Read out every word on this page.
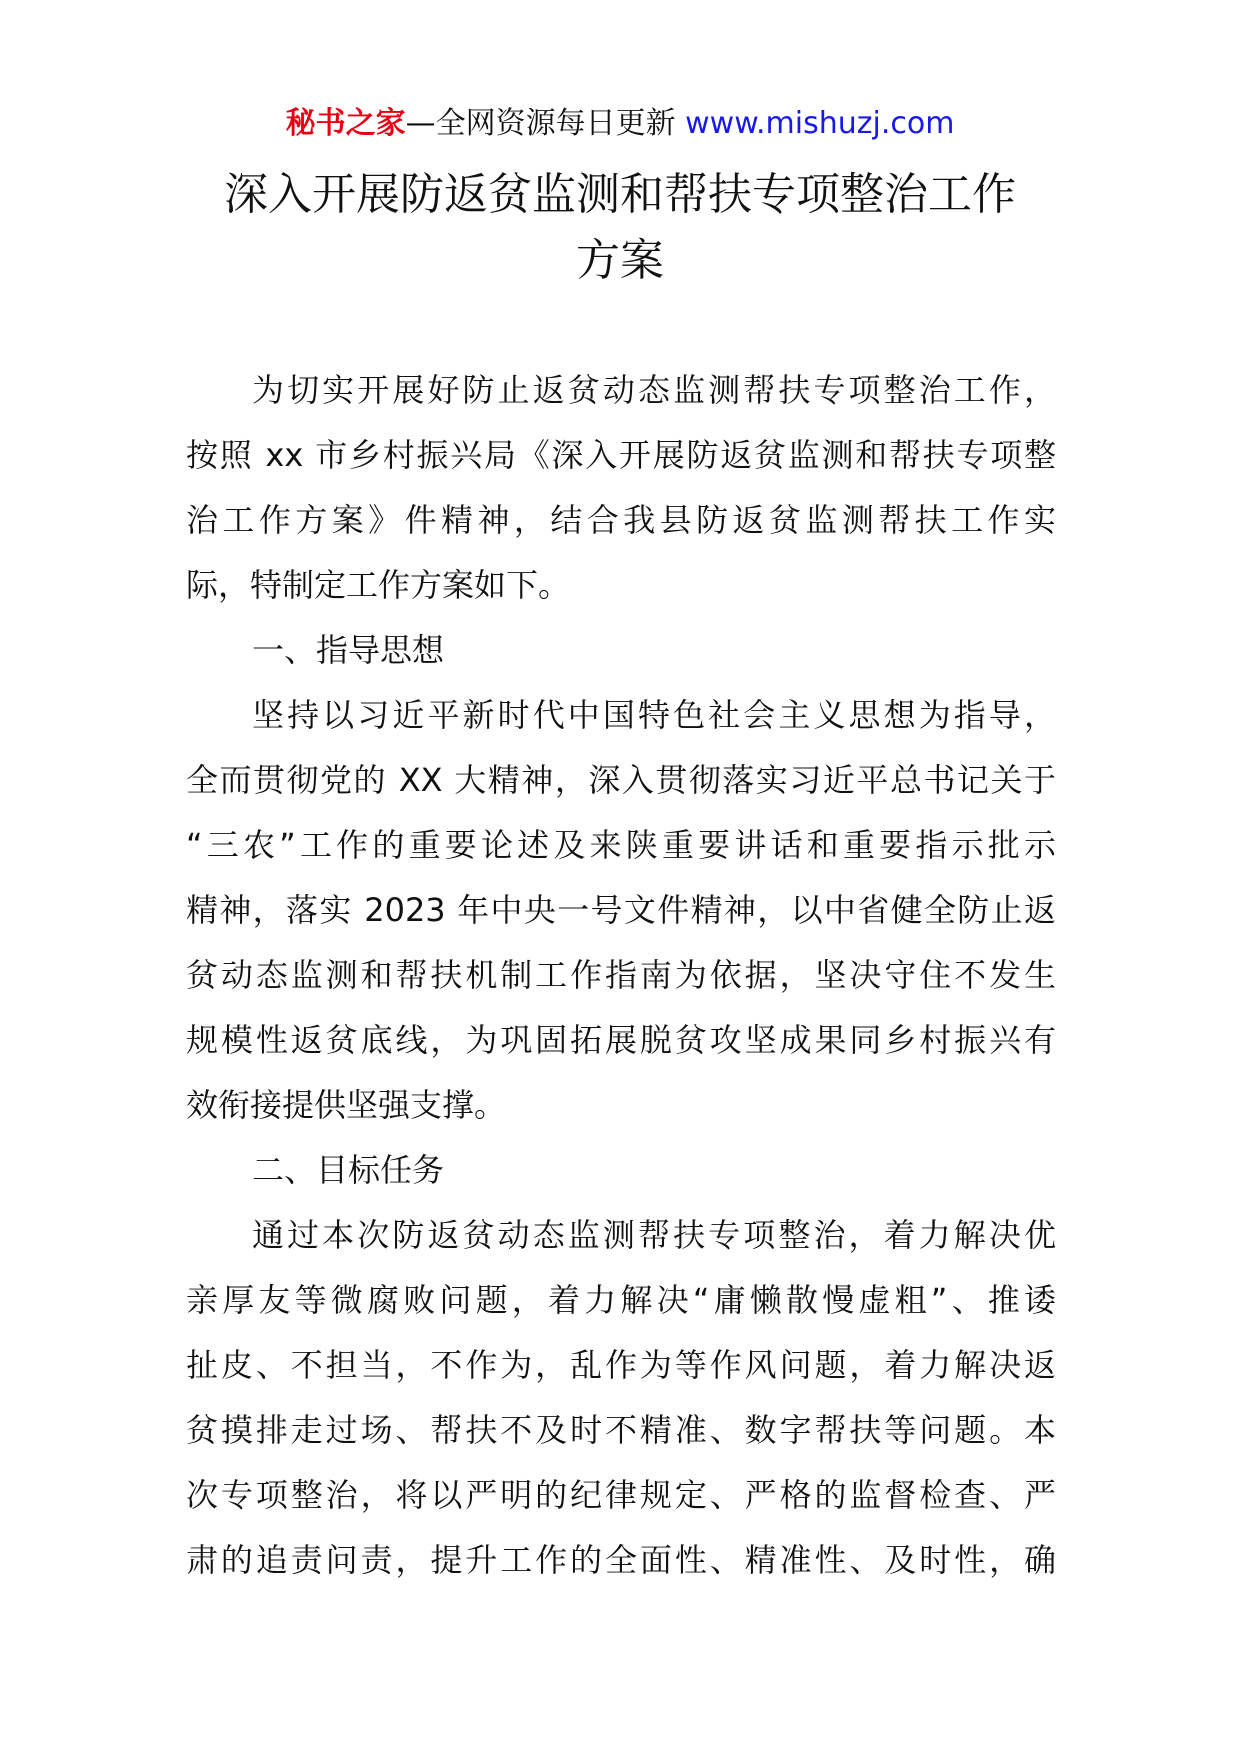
秘书之家—全网资源每日更新 www.mishuzj.com
深入开展防返贫监测和帮扶专项整治工作
方案
为切实开展好防止返贫动态监测帮扶专项整治工作，
按照 xx 市乡村振兴局《深入开展防返贫监测和帮扶专项整
治工作方案》件精神，结合我县防返贫监测帮扶工作实
际，特制定工作方案如下。
一、指导思想
坚持以习近平新时代中国特色社会主义思想为指导，
全而贯彻党的 XX 大精神，深入贯彻落实习近平总书记关于
“三农”工作的重要论述及来陕重要讲话和重要指示批示
精神，落实 2023 年中央一号文件精神，以中省健全防止返
贫动态监测和帮扶机制工作指南为依据，坚决守住不发生
规模性返贫底线，为巩固拓展脱贫攻坚成果同乡村振兴有
效衔接提供坚强支撑。
二、目标任务
通过本次防返贫动态监测帮扶专项整治，着力解决优
亲厚友等微腐败问题，着力解决“庸懒散慢虚粗”、推诿
扯皮、不担当，不作为，乱作为等作风问题，着力解决返
贫摸排走过场、帮扶不及时不精准、数字帮扶等问题。本
次专项整治，将以严明的纪律规定、严格的监督检查、严
肃的追责问责，提升工作的全面性、精准性、及时性，确
